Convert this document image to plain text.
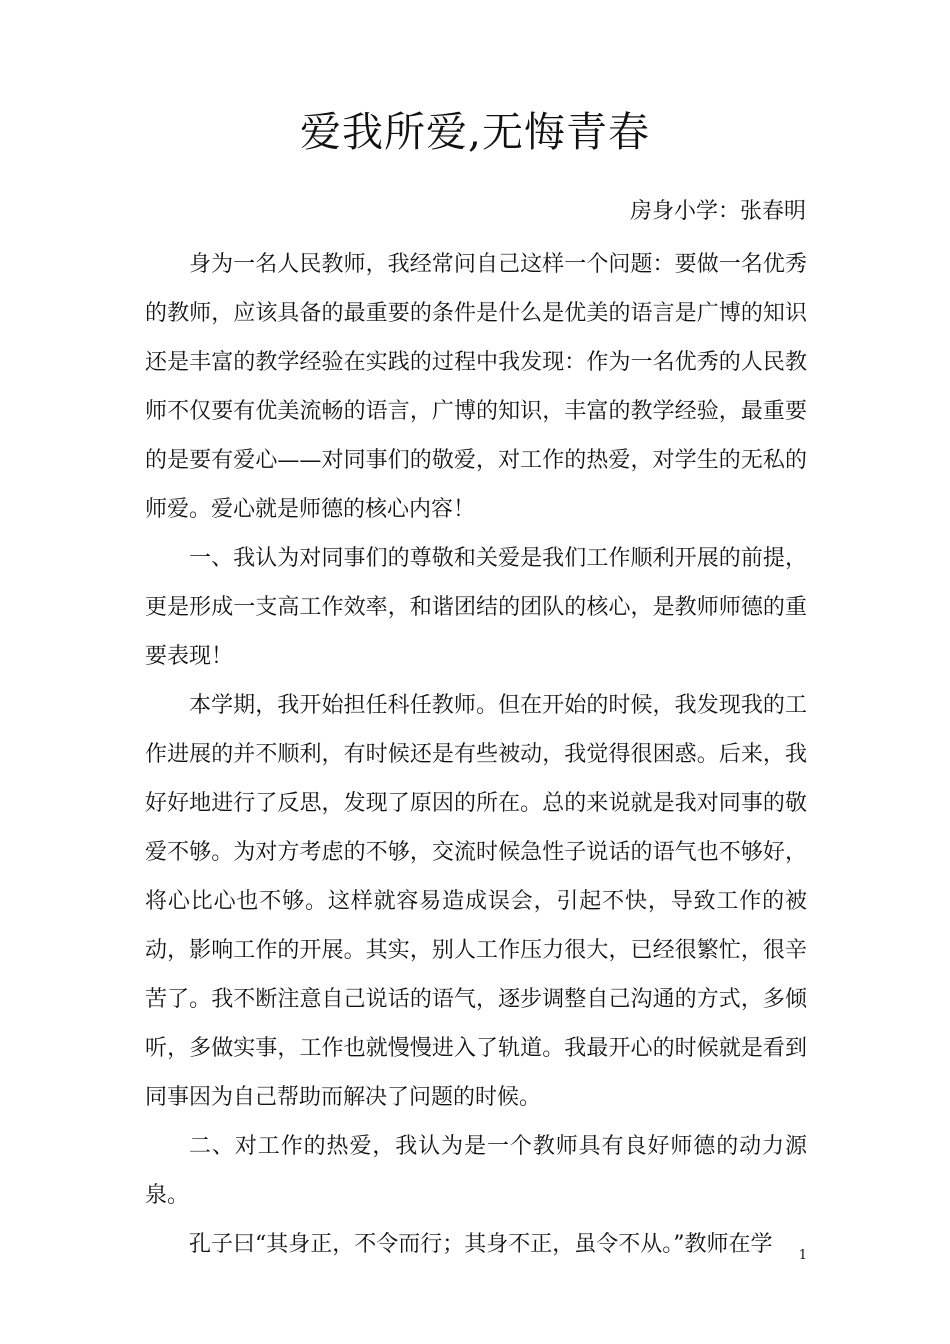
爱我所爱,无悔青春
房身小学：张春明

身为一名人民教师，我经常问自己这样一个问题：要做一名优秀的教师，应该具备的最重要的条件是什么是优美的语言是广博的知识还是丰富的教学经验在实践的过程中我发现：作为一名优秀的人民教师不仅要有优美流畅的语言，广博的知识，丰富的教学经验，最重要的是要有爱心——对同事们的敬爱，对工作的热爱，对学生的无私的师爱。爱心就是师德的核心内容！

一、我认为对同事们的尊敬和关爱是我们工作顺利开展的前提，更是形成一支高工作效率，和谐团结的团队的核心，是教师师德的重要表现！

本学期，我开始担任科任教师。但在开始的时候，我发现我的工作进展的并不顺利，有时候还是有些被动，我觉得很困惑。后来，我好好地进行了反思，发现了原因的所在。总的来说就是我对同事的敬爱不够。为对方考虑的不够，交流时候急性子说话的语气也不够好，将心比心也不够。这样就容易造成误会，引起不快，导致工作的被动，影响工作的开展。其实，别人工作压力很大，已经很繁忙，很辛苦了。我不断注意自己说话的语气，逐步调整自己沟通的方式，多倾听，多做实事，工作也就慢慢进入了轨道。我最开心的时候就是看到同事因为自己帮助而解决了问题的时候。

二、对工作的热爱，我认为是一个教师具有良好师德的动力源泉。

孔子曰“其身正，不令而行；其身不正，虽令不从。”教师在学	1
